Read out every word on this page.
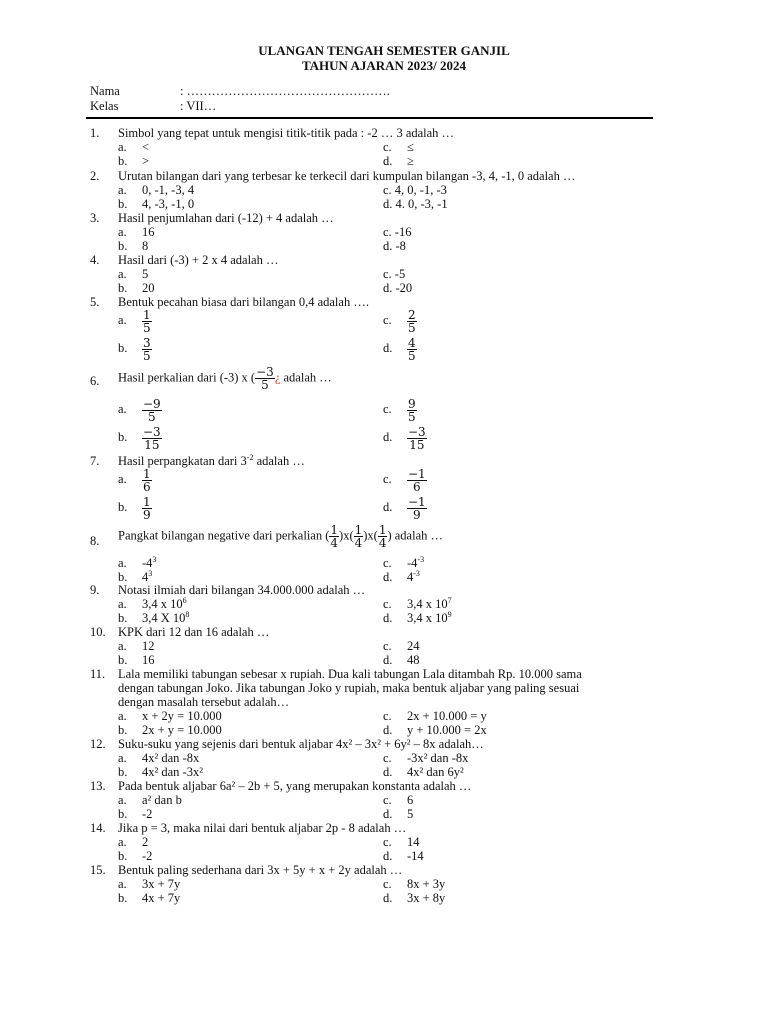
ULANGAN TENGAH SEMESTER GANJIL
TAHUN AJARAN 2023/ 2024
Nama	: ………………………………………….
Kelas	: VII…
1.	Simbol yang tepat untuk mengisi titik-titik pada : -2 … 3 adalah …
a. <
b. >
c. ≤
d. ≥
2.	Urutan bilangan dari yang terbesar ke terkecil dari kumpulan bilangan -3, 4, -1, 0 adalah …
a. 0, -1, -3, 4
b. 4, -3, -1, 0
c. 4, 0, -1, -3
d. 4. 0, -3, -1
3.	Hasil penjumlahan dari (-12) + 4 adalah …
a. 16
b. 8
c. -16
d. -8
4.	Hasil dari (-3) + 2 x 4 adalah …
a. 5
b. 20
c. -5
d. -20
5.	Bentuk pecahan biasa dari bilangan 0,4 adalah ….
a. $\frac{1}{5}$
b. $\frac{3}{5}$
c. $\frac{2}{5}$
d. $\frac{4}{5}$
6.	Hasil perkalian dari (-3) x ( $\frac{-3}{5}$ ¿ adalah …
a. $\frac{-9}{5}$
b. $\frac{-3}{15}$
c. $\frac{9}{5}$
d. $\frac{-3}{15}$
7.	Hasil perpangkatan dari $3^{-2}$ adalah …
a. $\frac{1}{6}$
b. $\frac{1}{9}$
c. $\frac{-1}{6}$
d. $\frac{-1}{9}$
8.	Pangkat bilangan negative dari perkalian ( $\frac{1}{4} )x( \frac{1}{4} )x( \frac{1}{4}$ ) adalah …
a. $-4^3$
b. $4^3$
c. $-4^{-3}$
d. $4^{-3}$
9.	Notasi ilmiah dari bilangan 34.000.000 adalah …
a. 3,4 x $10^6$
b. 3,4 X $10^8$
c. 3,4 x $10^7$
d. 3,4 x $10^9$
10. KPK dari 12 dan 16 adalah …
a. 12
b. 16
c. 24
d. 48
11.	Lala memiliki tabungan sebesar x rupiah. Dua kali tabungan Lala ditambah Rp. 10.000 sama
dengan tabungan Joko. Jika tabungan Joko y rupiah, maka bentuk aljabar yang paling sesuai
dengan masalah tersebut adalah…
a. x + 2y = 10.000
b. 2x + y = 10.000
c. 2x + 10.000 = y
d. y + 10.000 = 2x
12. Suku-suku yang sejenis dari bentuk aljabar 4x² – 3x² + 6y² – 8x adalah…
a. 4x² dan -8x
b. 4x² dan -3x²
c. -3x² dan -8x
d. 4x² dan 6y²
13. Pada bentuk aljabar 6a² – 2b + 5, yang merupakan konstanta adalah …
a. a² dan b
b. -2
c. 6
d. 5
14. Jika p = 3, maka nilai dari bentuk aljabar 2p - 8 adalah …
a. 2
b. -2
c. 14
d. -14
15. Bentuk paling sederhana dari 3x + 5y + x + 2y adalah …
a. 3x + 7y
b. 4x + 7y
c. 8x + 3y
d. 3x + 8y
